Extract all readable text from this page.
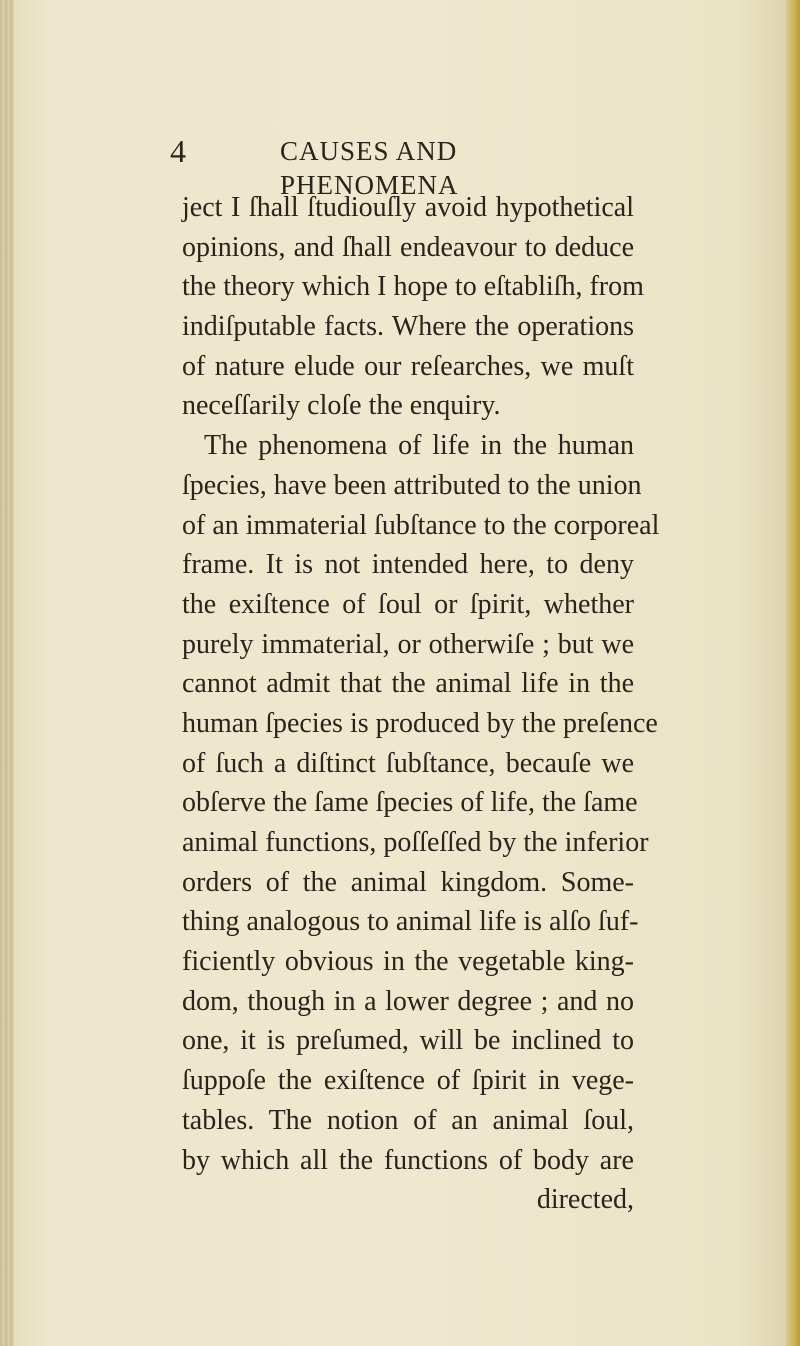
4	CAUSES AND PHENOMENA
ject I ſhall ſtudiouſly avoid hypothetical
opinions, and ſhall endeavour to deduce
the theory which I hope to eſtabliſh, from
indiſputable facts. Where the operations
of nature elude our reſearches, we muſt
neceſſarily cloſe the enquiry.
The phenomena of life in the human
ſpecies, have been attributed to the union
of an immaterial ſubſtance to the corporeal
frame. It is not intended here, to deny
the exiſtence of ſoul or ſpirit, whether
purely immaterial, or otherwiſe ; but we
cannot admit that the animal life in the
human ſpecies is produced by the preſence
of ſuch a diſtinct ſubſtance, becauſe we
obſerve the ſame ſpecies of life, the ſame
animal functions, poſſeſſed by the inferior
orders of the animal kingdom. Some-
thing analogous to animal life is alſo ſuf-
ficiently obvious in the vegetable king-
dom, though in a lower degree ; and no
one, it is preſumed, will be inclined to
ſuppoſe the exiſtence of ſpirit in vege-
tables. The notion of an animal ſoul,
by which all the functions of body are
directed,
